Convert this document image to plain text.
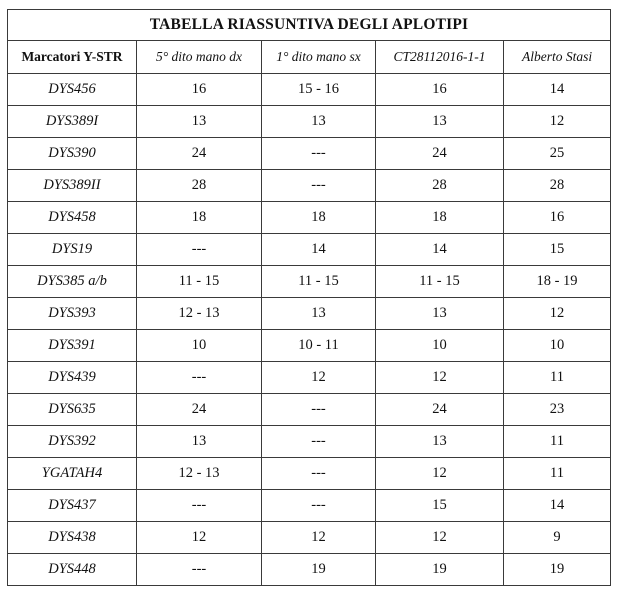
TABELLA RIASSUNTIVA DEGLI APLOTIPI				
Marcatori Y-STR	5° dito mano dx	1° dito mano sx	CT28112016-1-1	Alberto Stasi
DYS456	16	15 - 16	16	14
DYS389I	13	13	13	12
DYS390	24	---	24	25
DYS389II	28	---	28	28
DYS458	18	18	18	16
DYS19	---	14	14	15
DYS385 a/b	11 - 15	11 - 15	11 - 15	18 - 19
DYS393	12 - 13	13	13	12
DYS391	10	10 - 11	10	10
DYS439	---	12	12	11
DYS635	24	---	24	23
DYS392	13	---	13	11
YGATAH4	12 - 13	---	12	11
DYS437	---	---	15	14
DYS438	12	12	12	9
DYS448	---	19	19	19
